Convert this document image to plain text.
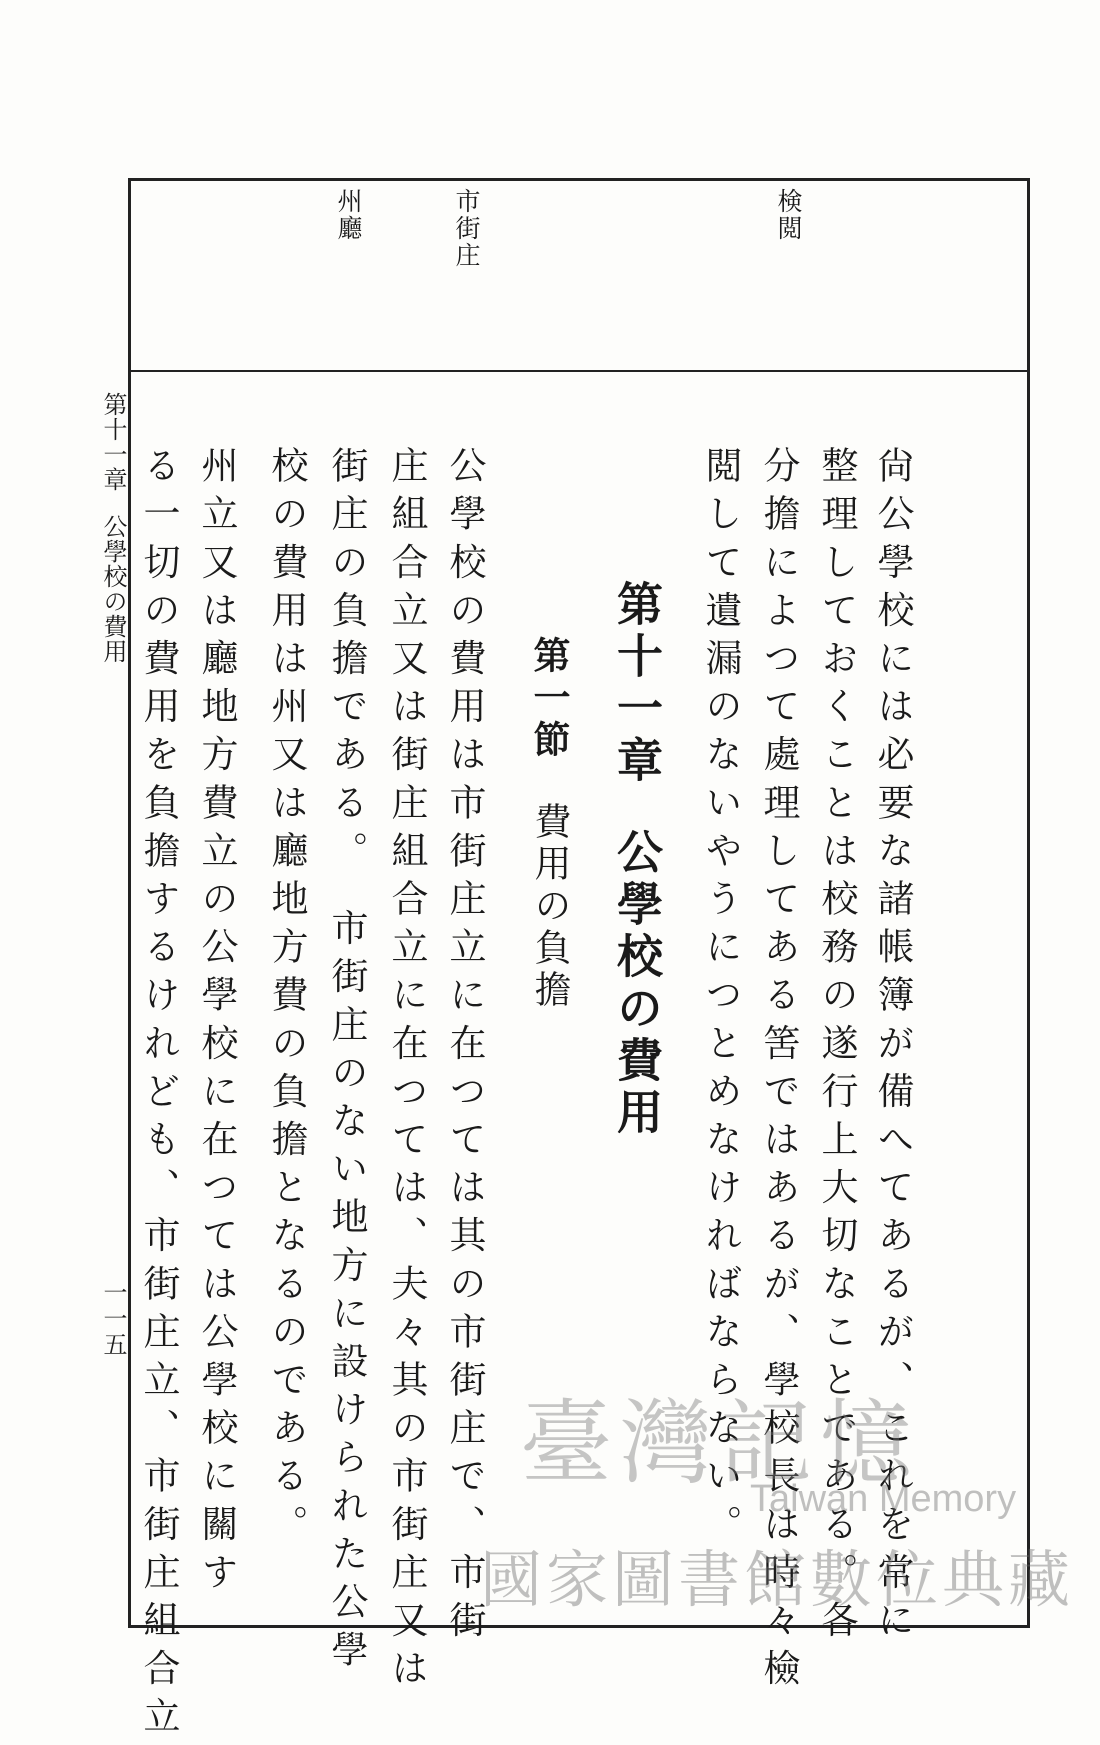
検閲
市街庄
州廳
尙公學校には必要な諸帳簿が備へてあるが、これを常に
整理しておくことは校務の遂行上大切なことである。各
分擔によつて處理してある筈ではあるが、學校長は時々檢
閲して遺漏のないやうにつとめなければならない。
第十一章公學校の費用
第一節費用の負擔
公學校の費用は市街庄立に在つては其の市街庄で、市街
庄組合立又は街庄組合立に在つては、夫々其の市街庄又は
街庄の負擔である。　市街庄のない地方に設けられた公學
校の費用は州又は廳地方費の負擔となるのである。
州立又は廳地方費立の公學校に在つては公學校に關す
る一切の費用を負擔するけれども、市街庄立、市街庄組合立
第十一章公學校の費用
一一五
臺灣記憶
Taiwan Memory
國家圖書館數位典藏
